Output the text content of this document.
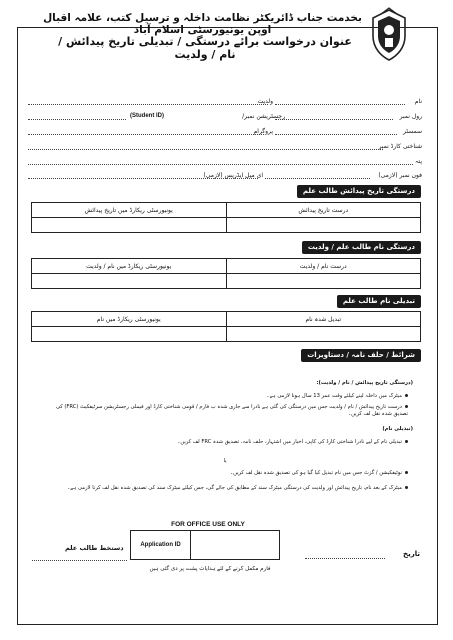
بخدمت جناب ڈائریکٹر نظامت داخلہ و ترسیل کتب، علامہ اقبال اوپن یونیورسٹی اسلام آباد
عنوان درخواست برائے درستگی / تبدیلی تاریخ پیدائش / نام / ولدیت
نام
ولدیت
رول نمبر
رجسٹریشن نمبر/
(Student ID)
سمسٹر
پروگرام
شناختی کارڈ نمبر
پتہ
فون نمبر (لازمی)
ای میل ایڈریس (لازمی)
درستگی تاریخ پیدائش طالب علم
یونیورسٹی ریکارڈ میں تاریخ پیدائش	درست تاریخ پیدائش

درستگی نام طالب علم / ولدیت
یونیورسٹی ریکارڈ میں نام / ولدیت	درست نام / ولدیت

تبدیلی نام طالب علم
یونیورسٹی ریکارڈ میں نام	تبدیل شدہ نام

شرائط / حلف نامہ / دستاویزات
(درستگی تاریخ پیدائش / نام / ولدیت):
میٹرک میں داخلہ لینے کیلئے وقت عمر 13 سال ہونا لازمی ہے۔
درست تاریخ پیدائش / نام / ولدیت جس میں درستگی کی گئی ہے نادرا سے جاری شدہ ب فارم / قومی شناختی کارڈ اور فیملی رجسٹریشن سرٹیفکیٹ (FRC) کی تصدیق شدہ نقل لف کریں۔
(تبدیلی نام)
تبدیلی نام کے لیے نادرا شناختی کارڈ کی کاپی، اخبار میں اشتہار، حلف نامہ، تصدیق شدہ FRC لف کریں۔
یا
نوٹیفکیشن / گزٹ جس میں نام تبدیل کیا گیا ہو کی تصدیق شدہ نقل لف کریں۔
میٹرک کے بعد نام، تاریخ پیدائش اور ولدیت کی درستگی میٹرک سند کے مطابق کی جائے گی، جس کیلئے میٹرک سند کی تصدیق شدہ نقل لف کرنا لازمی ہے۔
تاریخ
دستخط طالب علم
FOR OFFICE USE ONLY
Application ID
فارم مکمل کرنے کے لئے ہدایات پشت پر دی گئی ہیں
